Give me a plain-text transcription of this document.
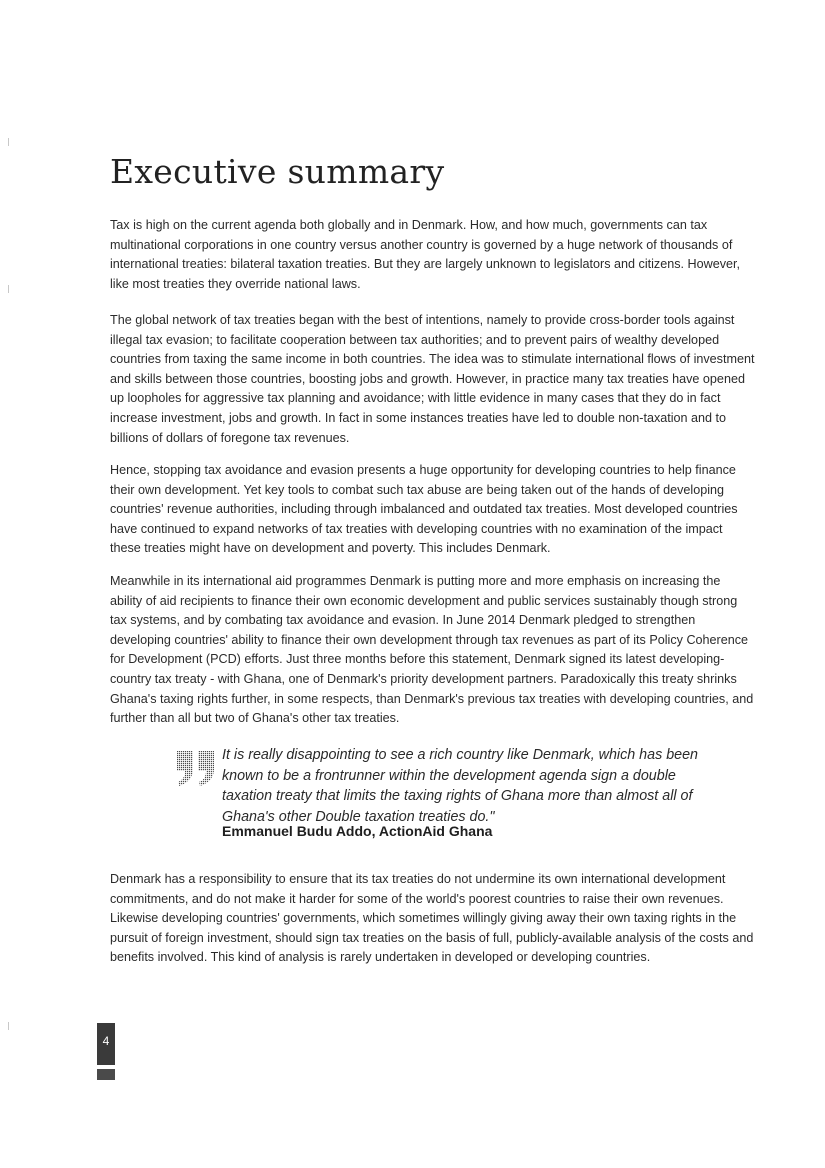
Executive summary

Tax is high on the current agenda both globally and in Denmark. How, and how much, governments can tax multinational corporations in one country versus another country is governed by a huge network of thousands of international treaties: bilateral taxation treaties. But they are largely unknown to legislators and citizens. However, like most treaties they override national laws.

The global network of tax treaties began with the best of intentions, namely to provide cross-border tools against illegal tax evasion; to facilitate cooperation between tax authorities; and to prevent pairs of wealthy developed countries from taxing the same income in both countries. The idea was to stimulate international flows of investment and skills between those countries, boosting jobs and growth. However, in practice many tax treaties have opened up loopholes for aggressive tax planning and avoidance; with little evidence in many cases that they do in fact increase investment, jobs and growth. In fact in some instances treaties have led to double non-taxation and to billions of dollars of foregone tax revenues.

Hence, stopping tax avoidance and evasion presents a huge opportunity for developing countries to help finance their own development. Yet key tools to combat such tax abuse are being taken out of the hands of developing countries' revenue authorities, including through imbalanced and outdated tax treaties. Most developed countries have continued to expand networks of tax treaties with developing countries with no examination of the impact these treaties might have on development and poverty. This includes Denmark.

Meanwhile in its international aid programmes Denmark is putting more and more emphasis on increasing the ability of aid recipients to finance their own economic development and public services sustainably though strong tax systems, and by combating tax avoidance and evasion. In June 2014 Denmark pledged to strengthen developing countries' ability to finance their own development through tax revenues as part of its Policy Coherence for Development (PCD) efforts. Just three months before this statement, Denmark signed its latest developing-country tax treaty - with Ghana, one of Denmark's priority development partners. Paradoxically this treaty shrinks Ghana's taxing rights further, in some respects, than Denmark's previous tax treaties with developing countries, and further than all but two of Ghana's other tax treaties.

It is really disappointing to see a rich country like Denmark, which has been known to be a frontrunner within the development agenda sign a double taxation treaty that limits the taxing rights of Ghana more than almost all of Ghana's other Double taxation treaties do."

Emmanuel Budu Addo, ActionAid Ghana

Denmark has a responsibility to ensure that its tax treaties do not undermine its own international development commitments, and do not make it harder for some of the world's poorest countries to raise their own revenues. Likewise developing countries' governments, which sometimes willingly giving away their own taxing rights in the pursuit of foreign investment, should sign tax treaties on the basis of full, publicly-available analysis of the costs and benefits involved. This kind of analysis is rarely undertaken in developed or developing countries.

4
